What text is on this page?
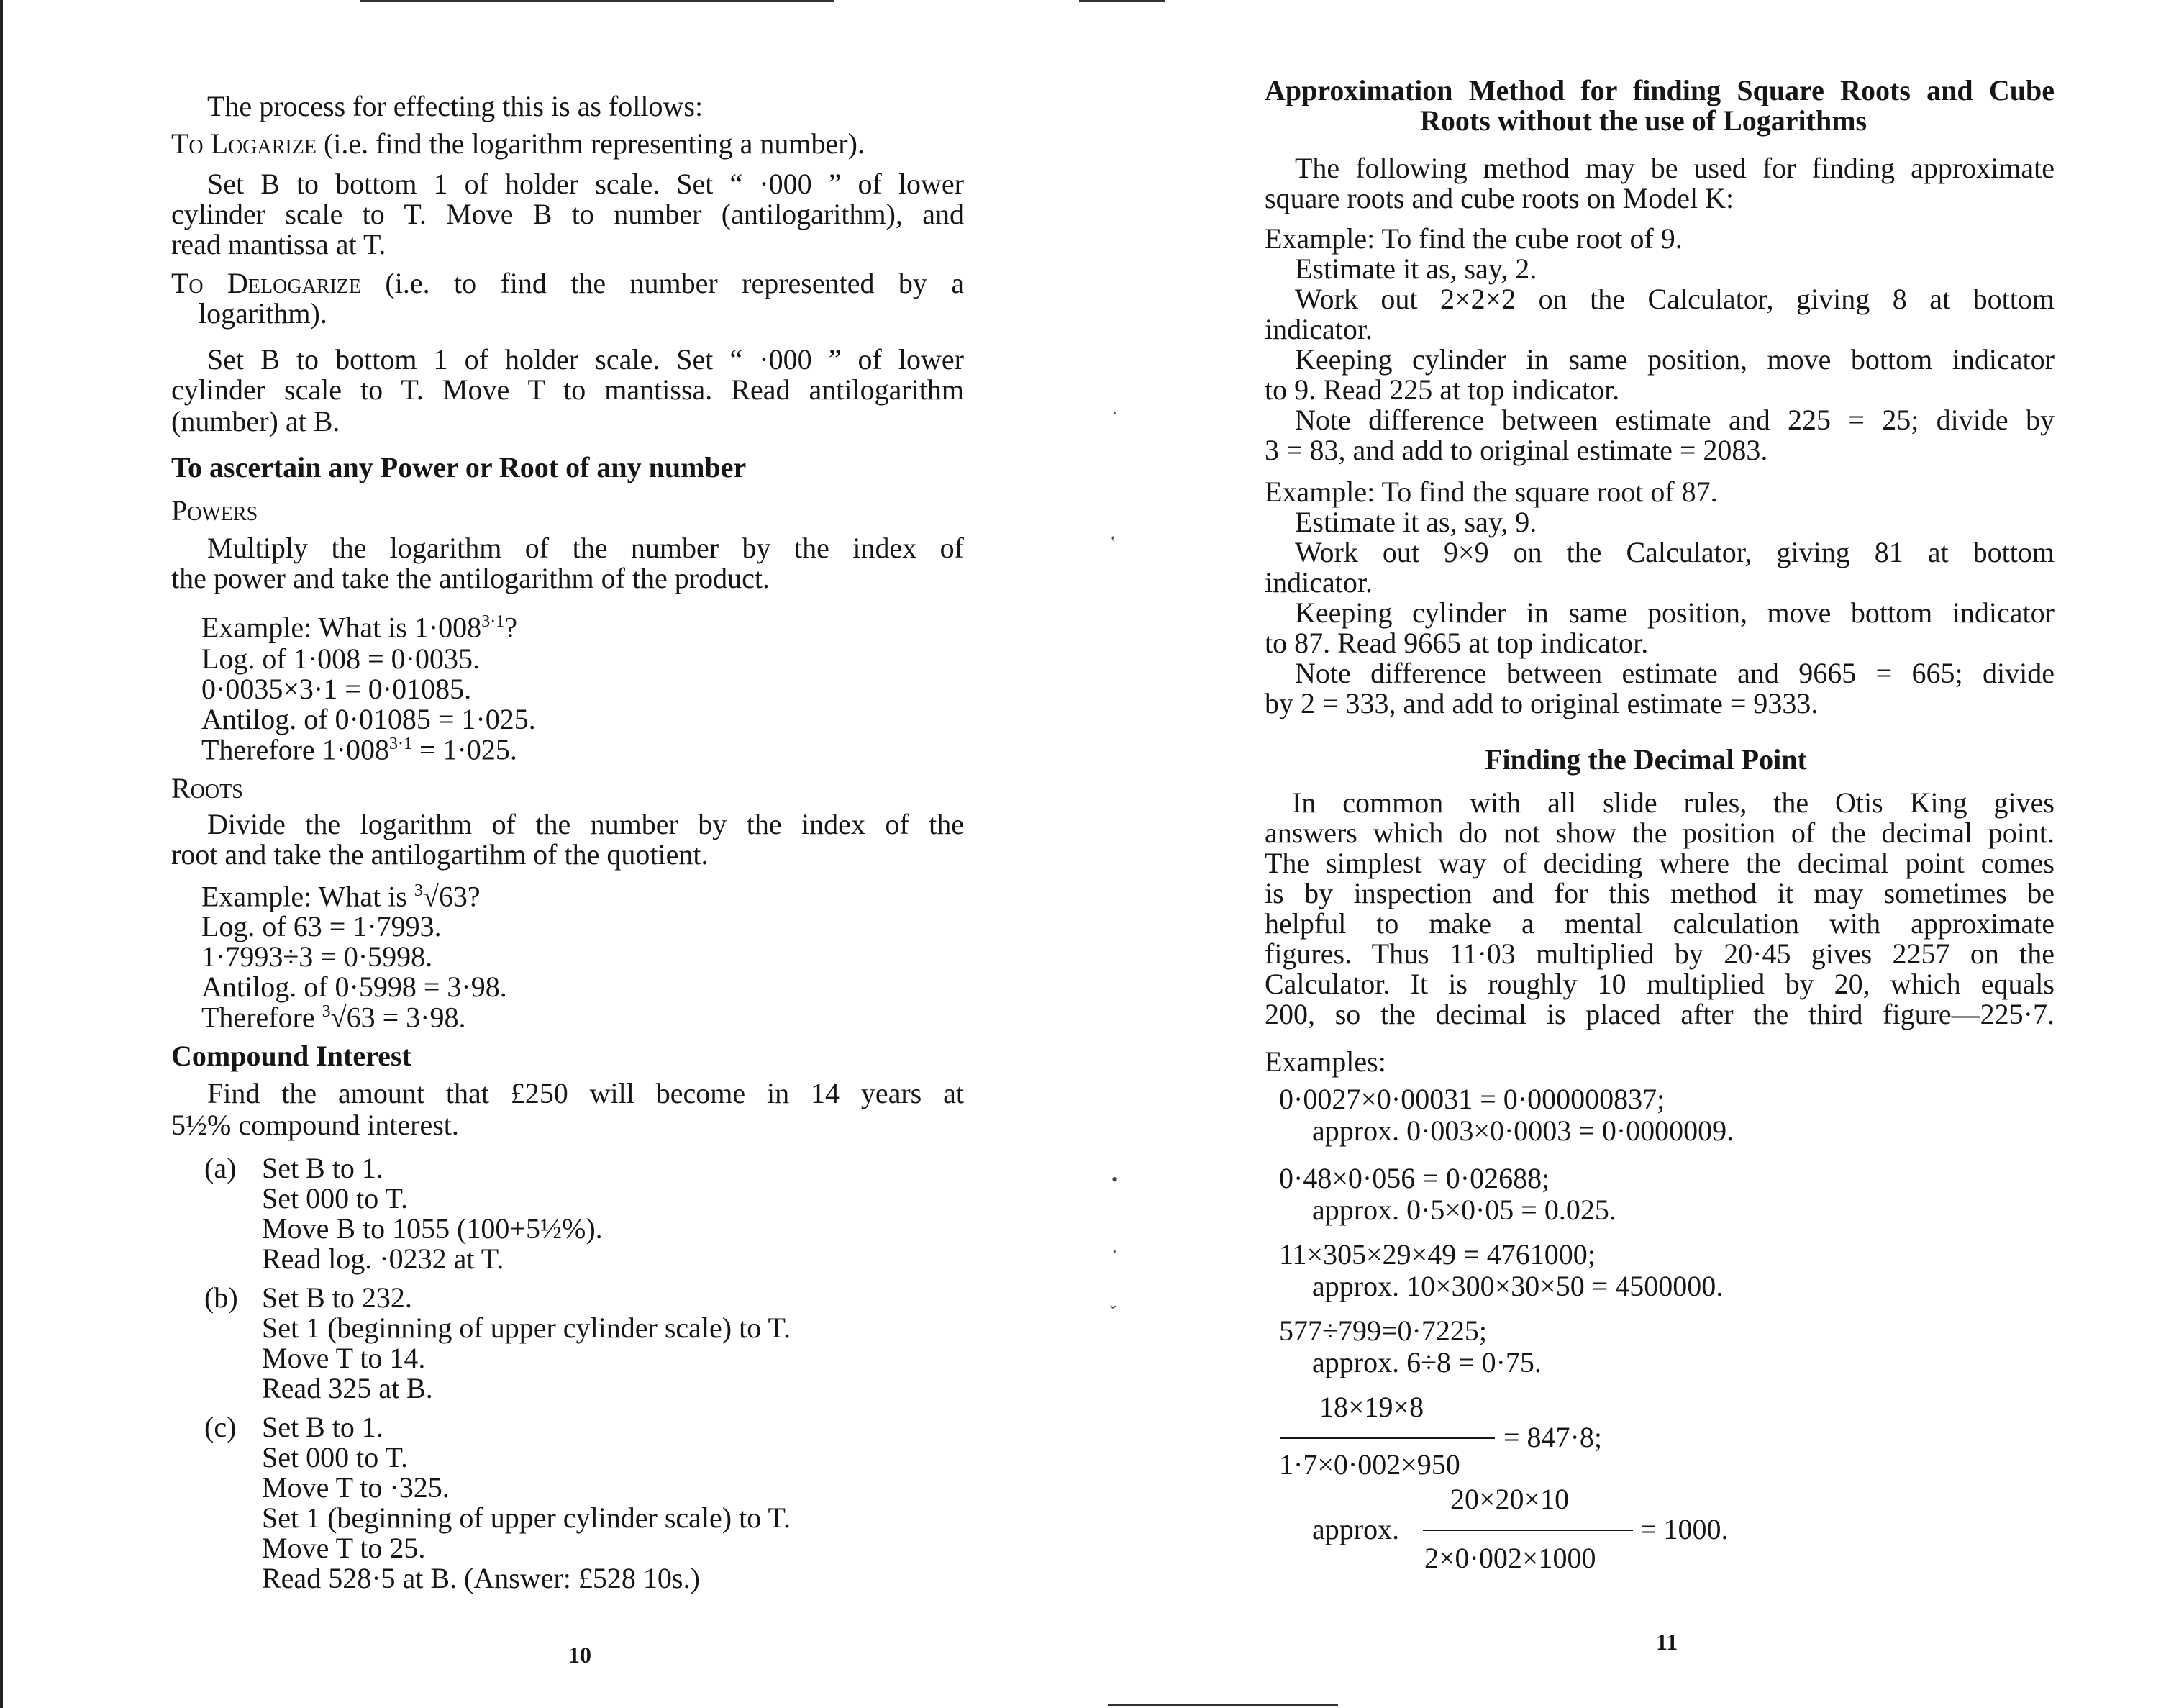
·
‛
•
·
ˇ
The process for effecting this is as follows:
To Logarize (i.e. find the logarithm representing a number).
Set B to bottom 1 of holder scale. Set “ ·000 ” of lower
cylinder scale to T. Move B to number (antilogarithm), and
read mantissa at T.
To Delogarize (i.e. to find the number represented by a
logarithm).
Set B to bottom 1 of holder scale. Set “ ·000 ” of lower
cylinder scale to T. Move T to mantissa. Read antilogarithm
(number) at B.
To ascertain any Power or Root of any number
Powers
Multiply the logarithm of the number by the index of
the power and take the antilogarithm of the product.
Example: What is $1\cdot 008^{3\cdot 1}$?
Log. of 1·008 = 0·0035.
0·0035×3·1 = 0·01085.
Antilog. of 0·01085 = 1·025.
Therefore $1\cdot 008^{3\cdot 1} = 1\cdot 025$.
Roots
Divide the logarithm of the number by the index of the
root and take the antilogartihm of the quotient.
Example: What is $^3$√63?
Log. of 63 = 1·7993.
1·7993÷3 = 0·5998.
Antilog. of 0·5998 = 3·98.
Therefore $^3$√63 = 3·98.
Compound Interest
Find the amount that £250 will become in 14 years at
5½% compound interest.
(a) Set B to 1.
Set 000 to T.
Move B to 1055 (100+5½%).
Read log. ·0232 at T.
(b) Set B to 232.
Set 1 (beginning of upper cylinder scale) to T.
Move T to 14.
Read 325 at B.
(c) Set B to 1.
Set 000 to T.
Move T to ·325.
Set 1 (beginning of upper cylinder scale) to T.
Move T to 25.
Read 528·5 at B. (Answer: £528 10s.)
10
Approximation Method for finding Square Roots and Cube
Roots without the use of Logarithms
The following method may be used for finding approximate
square roots and cube roots on Model K:
Example: To find the cube root of 9.
Estimate it as, say, 2.
Work out 2×2×2 on the Calculator, giving 8 at bottom
indicator.
Keeping cylinder in same position, move bottom indicator
to 9. Read 225 at top indicator.
Note difference between estimate and 225 = 25; divide by
3 = 83, and add to original estimate = 2083.
Example: To find the square root of 87.
Estimate it as, say, 9.
Work out 9×9 on the Calculator, giving 81 at bottom
indicator.
Keeping cylinder in same position, move bottom indicator
to 87. Read 9665 at top indicator.
Note difference between estimate and 9665 = 665; divide
by 2 = 333, and add to original estimate = 9333.
Finding the Decimal Point
In common with all slide rules, the Otis King gives
answers which do not show the position of the decimal point.
The simplest way of deciding where the decimal point comes
is by inspection and for this method it may sometimes be
helpful to make a mental calculation with approximate
figures. Thus 11·03 multiplied by 20·45 gives 2257 on the
Calculator. It is roughly 10 multiplied by 20, which equals
200, so the decimal is placed after the third figure—225·7.
Examples:
0·0027×0·00031 = 0·000000837;
approx. 0·003×0·0003 = 0·0000009.
0·48×0·056 = 0·02688;
approx. 0·5×0·05 = 0.025.
11×305×29×49 = 4761000;
approx. 10×300×30×50 = 4500000.
577÷799=0·7225;
approx. 6÷8 = 0·75.
18×19×8
= 847·8;
1·7×0·002×950
20×20×10
approx.	= 1000.
2×0·002×1000
11
